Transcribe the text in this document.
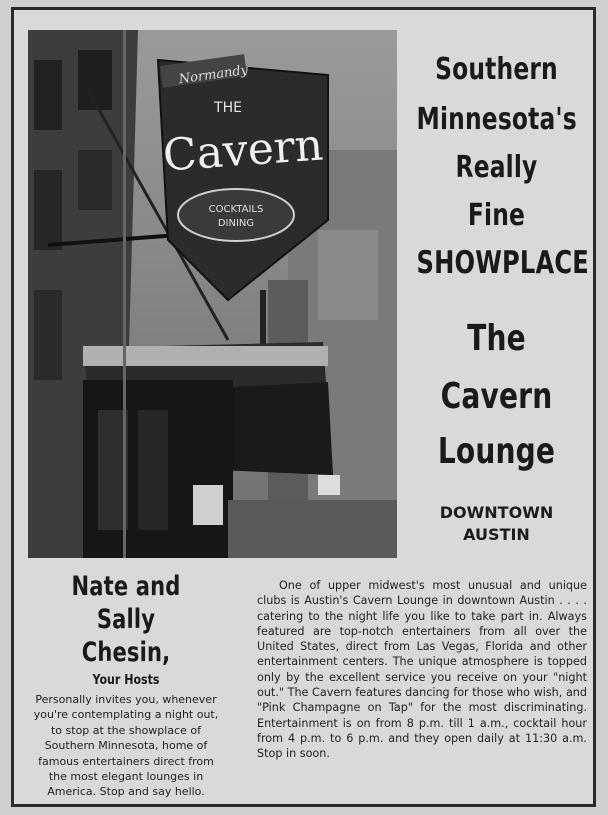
Normandy
THE
Cavern
COCKTAILS
DINING
Southern
Minnesota's
Really
Fine
SHOWPLACE
The
Cavern
Lounge
DOWNTOWN
AUSTIN
Nate and Sally
Chesin,
Your Hosts
Personally invites you, whenever you're contemplating a night out, to stop at the showplace of Southern Minnesota, home of famous entertainers direct from the most elegant lounges in America. Stop and say hello.
One of upper midwest's most unusual and unique clubs is Austin's Cavern Lounge in downtown Austin . . . . catering to the night life you like to take part in. Always featured are top-notch entertainers from all over the United States, direct from Las Vegas, Florida and other entertainment centers. The unique atmosphere is topped only by the excellent service you receive on your "night out." The Cavern features dancing for those who wish, and "Pink Champagne on Tap" for the most discriminating. Entertainment is on from 8 p.m. till 1 a.m., cocktail hour from 4 p.m. to 6 p.m. and they open daily at 11:30 a.m. Stop in soon.
